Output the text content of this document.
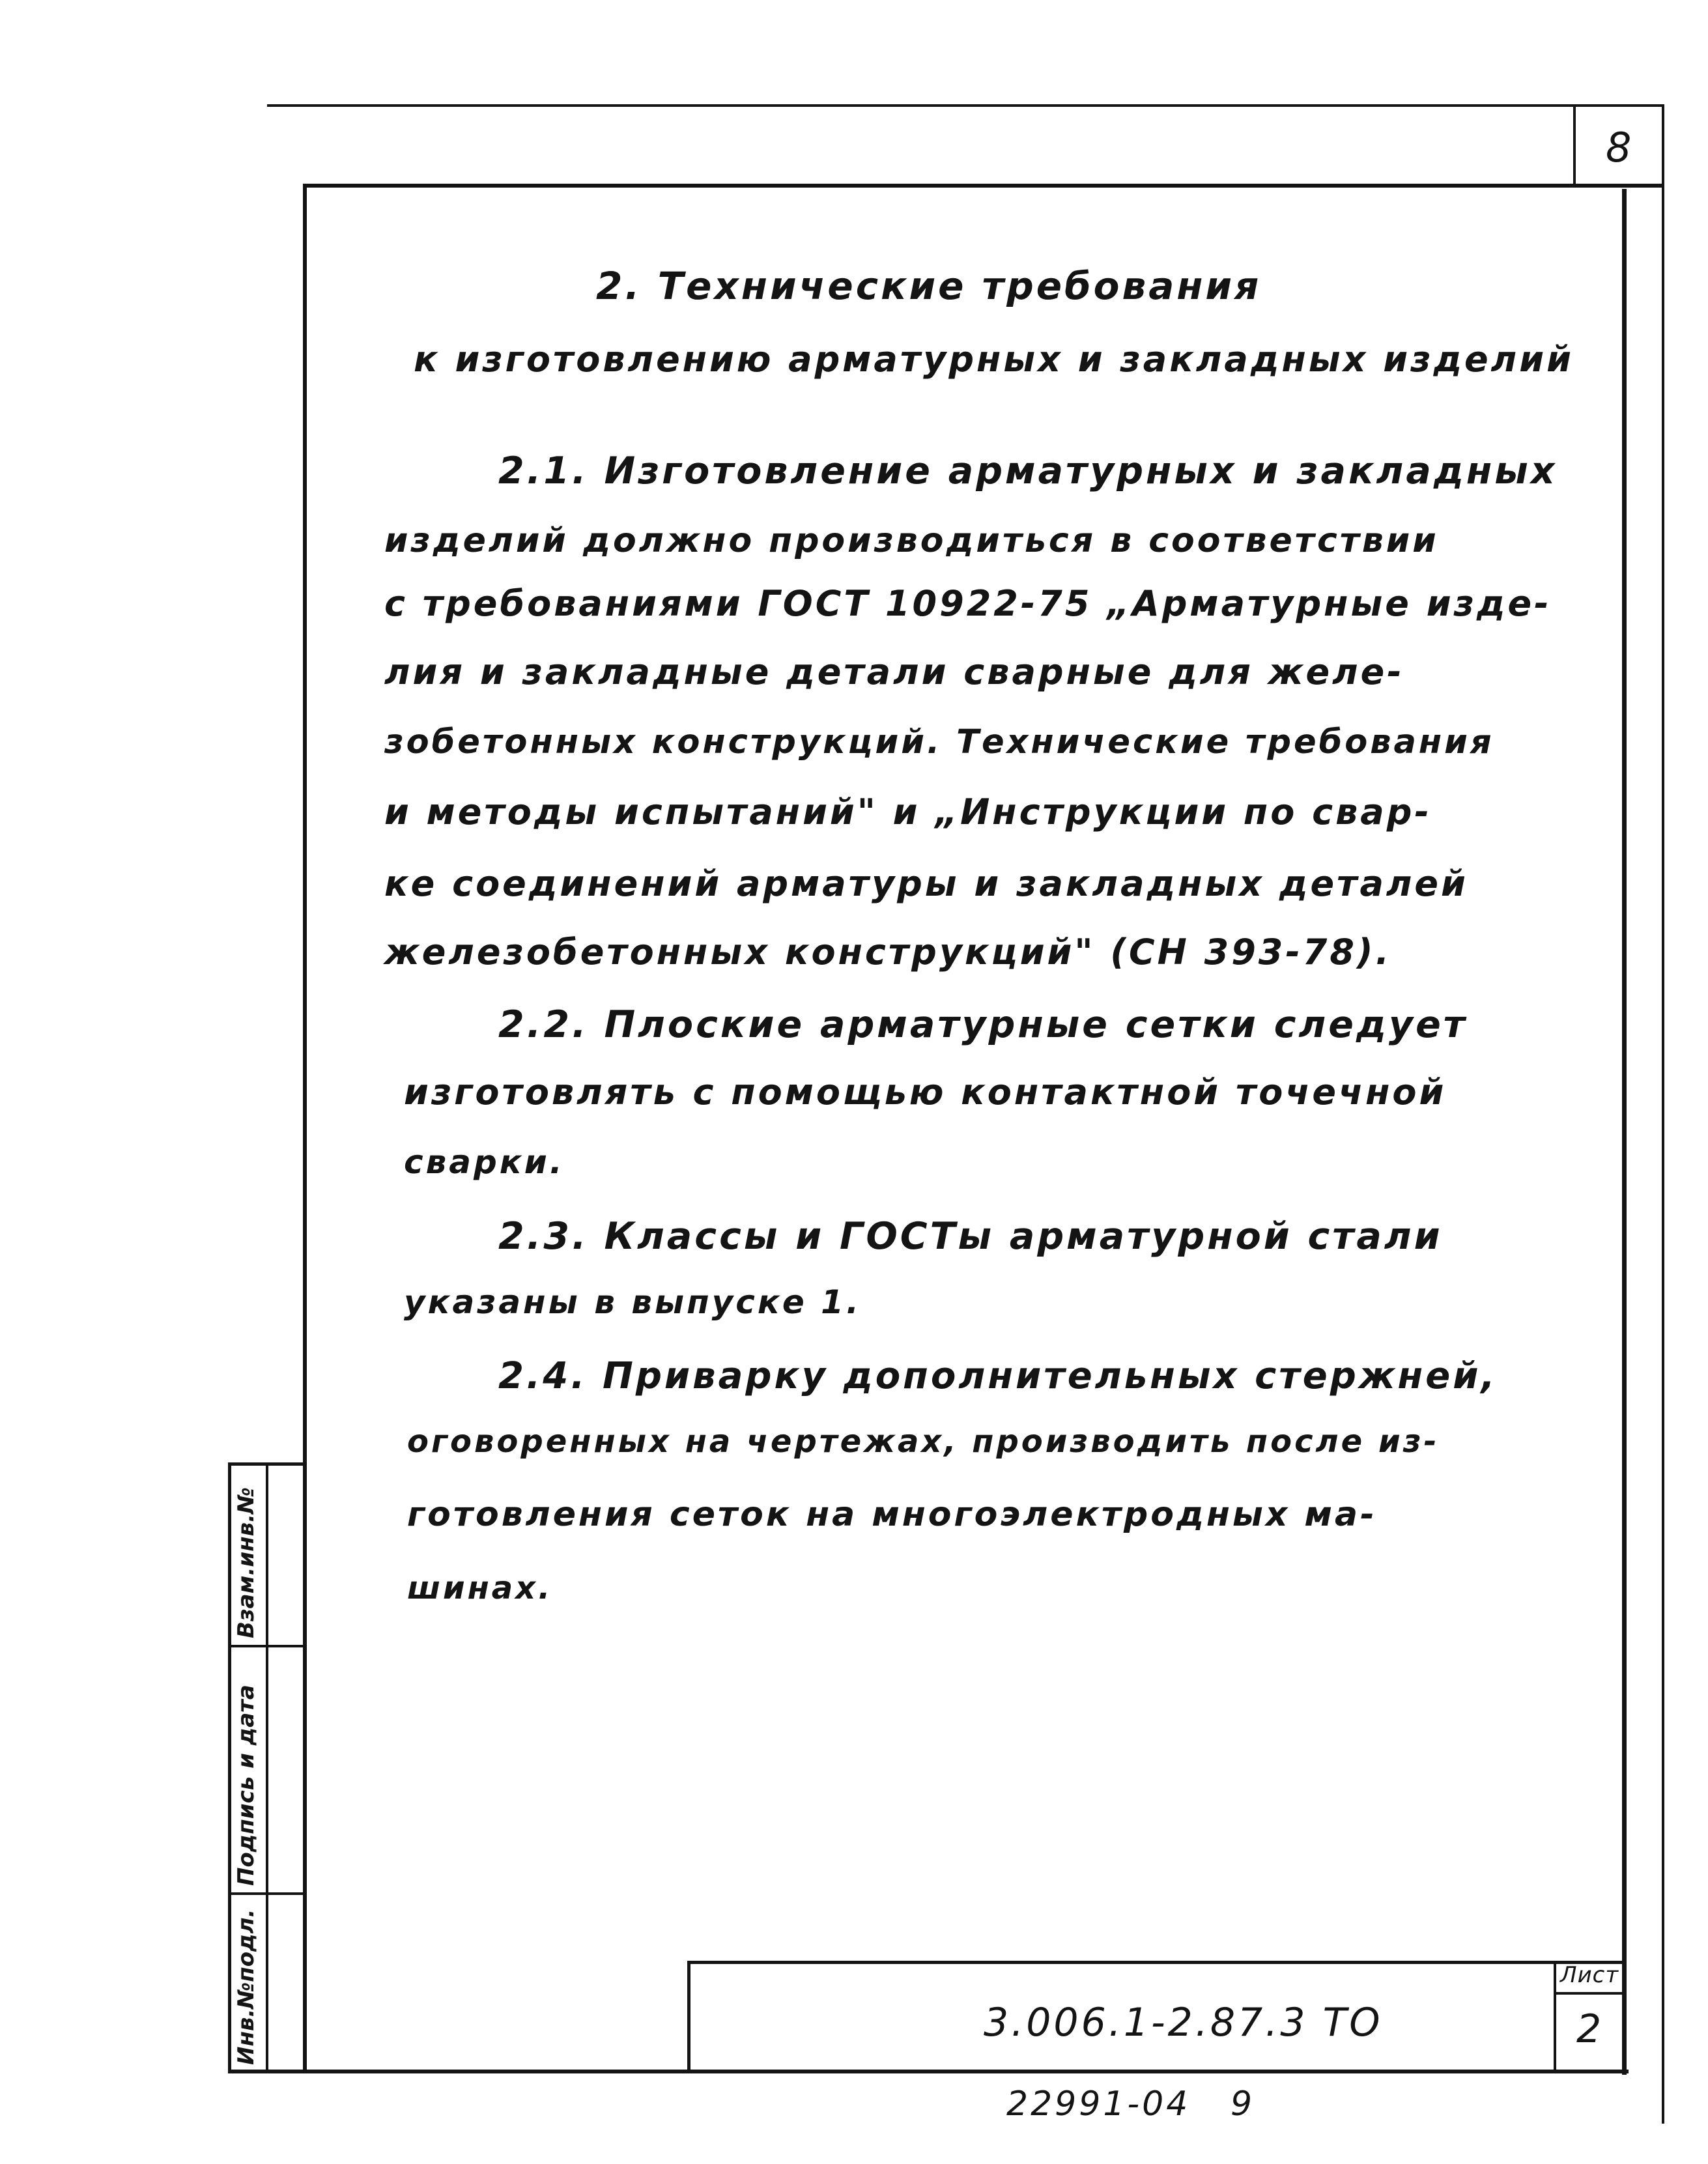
8
2. Технические требования
к изготовлению арматурных и закладных изделий
2.1. Изготовление арматурных и закладных
изделий должно производиться в соответствии
с требованиями ГОСТ 10922-75 „Арматурные изде-
лия и закладные детали сварные для желе-
зобетонных конструкций. Технические требования
и методы испытаний" и „Инструкции по свар-
ке соединений арматуры и закладных деталей
железобетонных конструкций" (СН 393-78).
2.2. Плоские арматурные сетки следует
изготовлять с помощью контактной точечной
сварки.
2.3. Классы и ГОСТы арматурной стали
указаны в выпуске 1.
2.4. Приварку дополнительных стержней,
оговоренных на чертежах, производить после из-
готовления сеток на многоэлектродных ма-
шинах.
Инв.№подл.
Подпись и дата
Взам.инв.№
Лист
3.006.1-2.87.3 ТО	2
22991-04   9
